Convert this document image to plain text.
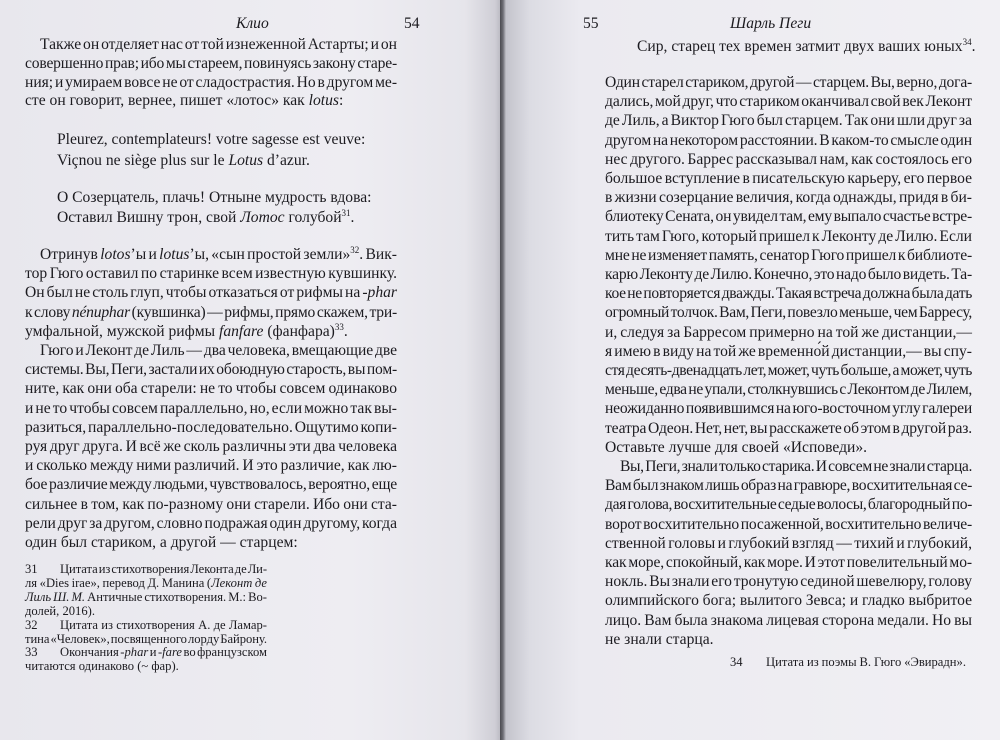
Клио	54
Также он отделяет нас от той изнеженной Астарты; и он
совершенно прав; ибо мы стареем, повинуясь закону старе-
ния; и умираем вовсе не от сладострастия. Но в другом ме-
сте он говорит, вернее, пишет «лотос» как lotus:
Pleurez, contemplateurs! votre sagesse est veuve:
Viçnou ne siège plus sur le Lotus d’azur.
О Созерцатель, плачь! Отныне мудрость вдова:
Оставил Вишну трон, свой Лотос голубой$^{31}$.
Отринув lotos’ы и lotus’ы, «сын простой земли»$^{32}$. Вик-
тор Гюго оставил по старинке всем известную кувшинку.
Он был не столь глуп, чтобы отказаться от рифмы на -phar
к слову nénuphar (кувшинка) — рифмы, прямо скажем, три-
умфальной, мужской рифмы fanfare (фанфара)$^{33}$.
Гюго и Леконт де Лиль — два человека, вмещающие две
системы. Вы, Пеги, застали их обоюдную старость, вы пом-
ните, как они оба старели: не то чтобы совсем одинаково
и не то чтобы совсем параллельно, но, если можно так вы-
разиться, параллельно-последовательно. Ощутимо копи-
руя друг друга. И всё же сколь различны эти два человека
и сколько между ними различий. И это различие, как лю-
бое различие между людьми, чувствовалось, вероятно, еще
сильнее в том, как по-разному они старели. Ибо они ста-
рели друг за другом, словно подражая один другому, когда
один был стариком, а другой — старцем:
31 Цитата из стихотворения Леконта де Ли-
ля «Dies irae», перевод Д. Манина (Леконт де
Лиль Ш. М. Античные стихотворения. М.: Во-
долей, 2016).
32 Цитата из стихотворения А. де Ламар-
тина «Человек», посвященного лорду Байрону.
33 Окончания -phar и -fare во французском
читаются одинаково (~ фар).
55	Шарль Пеги
Сир, старец тех времен затмит двух ваших юных$^{34}$.
Один старел стариком, другой — старцем. Вы, верно, дога-
дались, мой друг, что стариком оканчивал свой век Леконт
де Лиль, а Виктор Гюго был старцем. Так они шли друг за
другом на некотором расстоянии. В каком-то смысле один
нес другого. Баррес рассказывал нам, как состоялось его
большое вступление в писательскую карьеру, его первое
в жизни созерцание величия, когда однажды, придя в би-
блиотеку Сената, он увидел там, ему выпало счастье встре-
тить там Гюго, который пришел к Леконту де Лилю. Если
мне не изменяет память, сенатор Гюго пришел к библиоте-
карю Леконту де Лилю. Конечно, это надо было видеть. Та-
кое не повторяется дважды. Такая встреча должна была дать
огромный толчок. Вам, Пеги, повезло меньше, чем Барресу,
и, следуя за Барресом примерно на той же дистанции,—
я имею в виду на той же временно́й дистанции,— вы спу-
стя десять-двенадцать лет, может, чуть больше, а может, чуть
меньше, едва не упали, столкнувшись с Леконтом де Лилем,
неожиданно появившимся на юго-восточном углу галереи
театра Одеон. Нет, нет, вы расскажете об этом в другой раз.
Оставьте лучше для своей «Исповеди».
Вы, Пеги, знали только старика. И совсем не знали старца.
Вам был знаком лишь образ на гравюре, восхитительная се-
дая голова, восхитительные седые волосы, благородный по-
ворот восхитительно посаженной, восхитительно величе-
ственной головы и глубокий взгляд — тихий и глубокий,
как море, спокойный, как море. И этот повелительный мо-
нокль. Вы знали его тронутую сединой шевелюру, голову
олимпийского бога; вылитого Зевса; и гладко выбритое
лицо. Вам была знакома лицевая сторона медали. Но вы
не знали старца.
34 Цитата из поэмы В. Гюго «Эвирадн».
